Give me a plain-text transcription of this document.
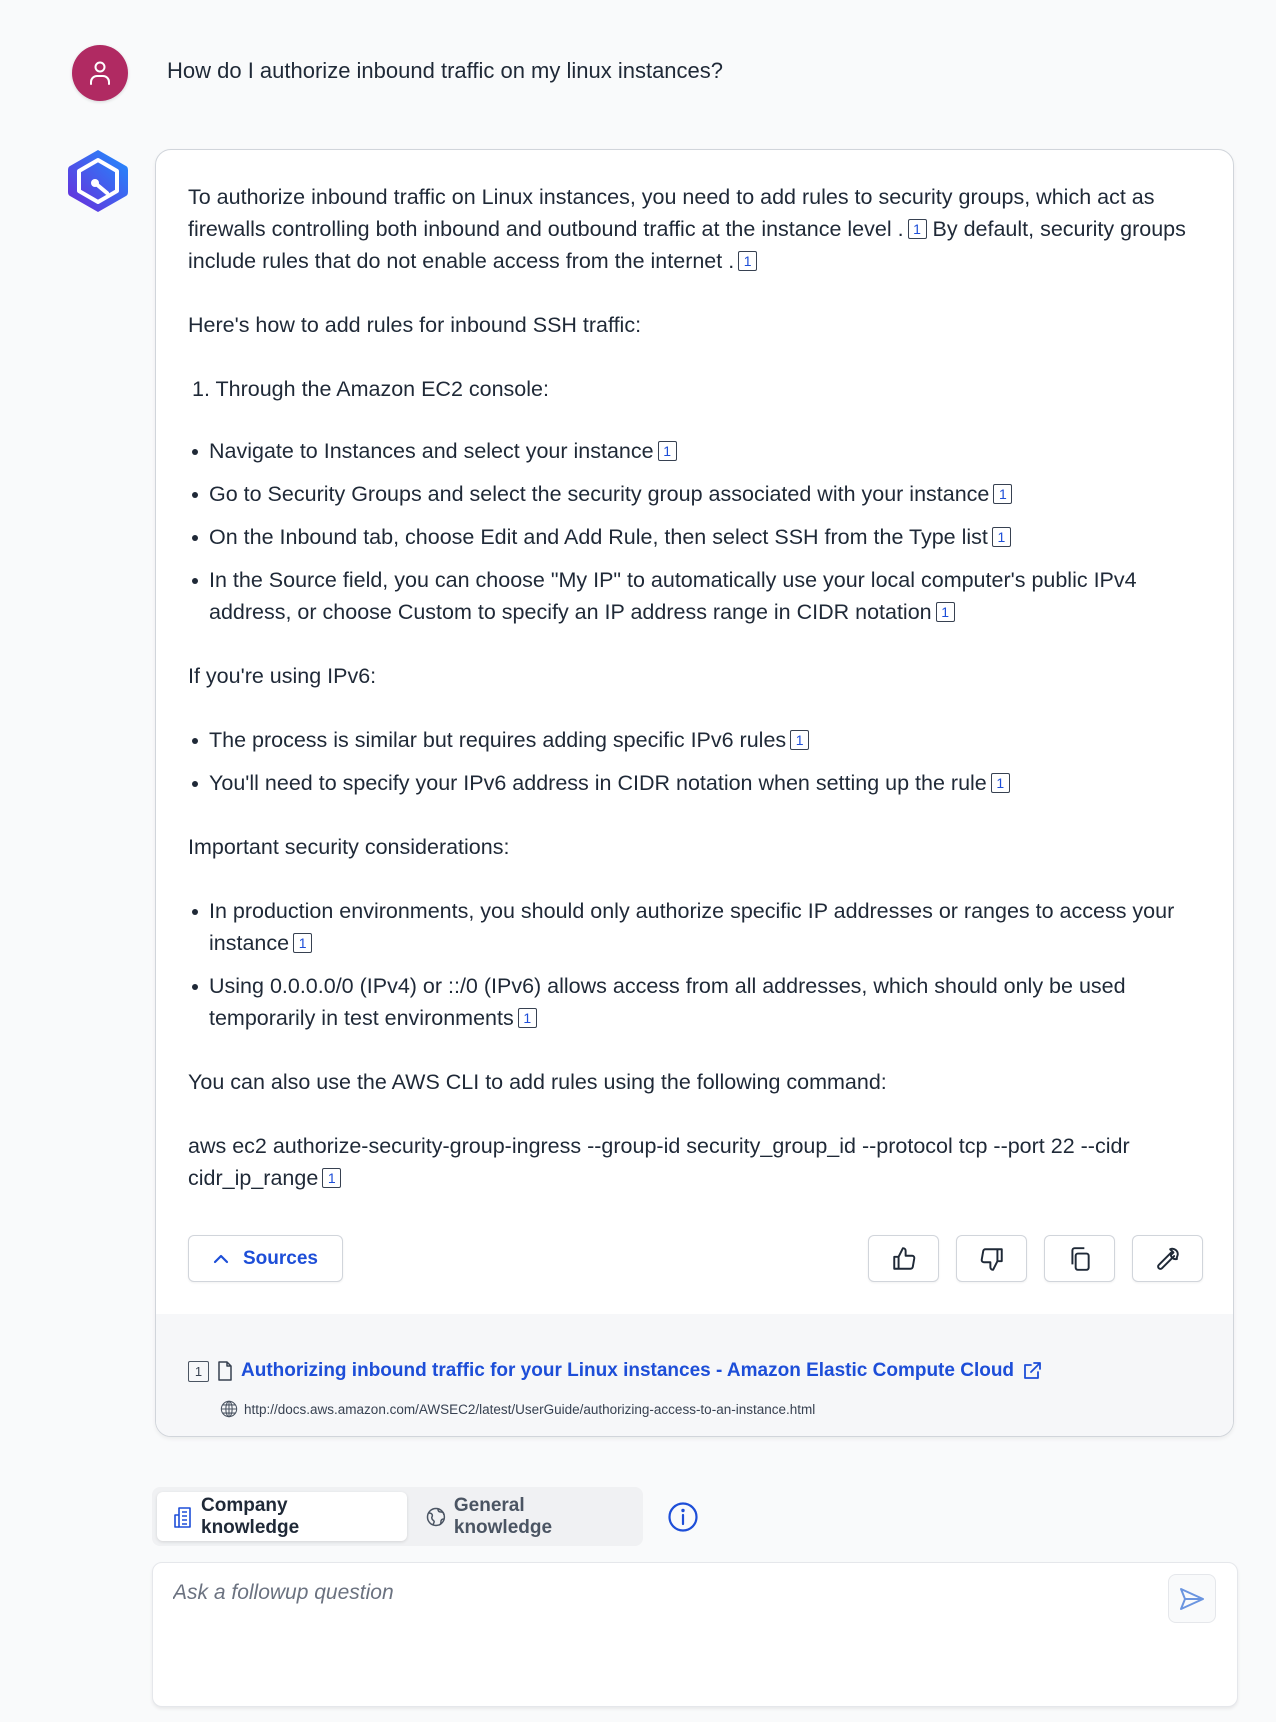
How do I authorize inbound traffic on my linux instances?

To authorize inbound traffic on Linux instances, you need to add rules to security groups, which act as firewalls controlling both inbound and outbound traffic at the instance level . 1 By default, security groups include rules that do not enable access from the internet . 1

Here's how to add rules for inbound SSH traffic:

1. Through the Amazon EC2 console:
Navigate to Instances and select your instance 1
Go to Security Groups and select the security group associated with your instance 1
On the Inbound tab, choose Edit and Add Rule, then select SSH from the Type list 1
In the Source field, you can choose "My IP" to automatically use your local computer's public IPv4 address, or choose Custom to specify an IP address range in CIDR notation 1

If you're using IPv6:

The process is similar but requires adding specific IPv6 rules 1
You'll need to specify your IPv6 address in CIDR notation when setting up the rule 1

Important security considerations:

In production environments, you should only authorize specific IP addresses or ranges to access your instance 1
Using 0.0.0.0/0 (IPv4) or ::/0 (IPv6) allows access from all addresses, which should only be used temporarily in test environments 1

You can also use the AWS CLI to add rules using the following command:

aws ec2 authorize-security-group-ingress --group-id security_group_id --protocol tcp --port 22 --cidr cidr_ip_range 1

Sources
1	Authorizing inbound traffic for your Linux instances - Amazon Elastic Compute Cloud
http://docs.aws.amazon.com/AWSEC2/latest/UserGuide/authorizing-access-to-an-instance.html
Company knowledge
General knowledge
Ask a followup question
